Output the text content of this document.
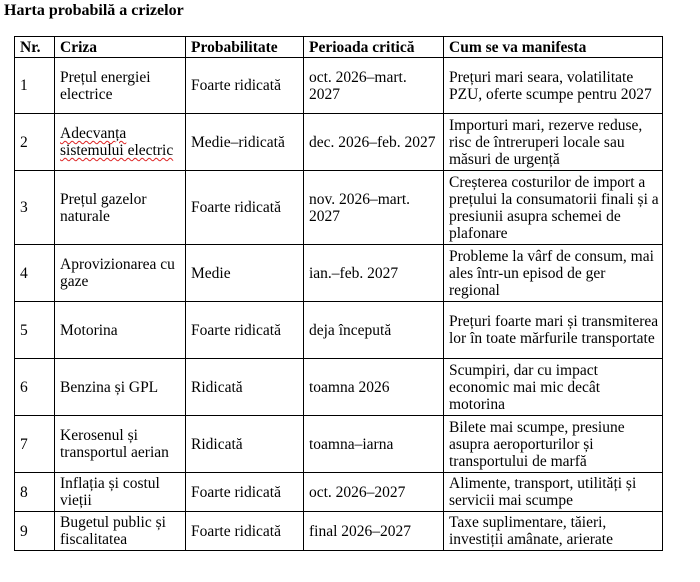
Harta probabilă a crizelor
Nr.	Criza	Probabilitate	Perioada critică	Cum se va manifesta
1	Prețul energiei electrice	Foarte ridicată	oct. 2026–mart. 2027	Prețuri mari seara, volatilitate PZU, oferte scumpe pentru 2027
2	Adecvanța sistemului electric	Medie–ridicată	dec. 2026–feb. 2027	Importuri mari, rezerve reduse, risc de întreruperi locale sau măsuri de urgență
3	Prețul gazelor naturale	Foarte ridicată	nov. 2026–mart. 2027	Creșterea costurilor de import a prețului la consumatorii finali și a presiunii asupra schemei de plafonare
4	Aprovizionarea cu gaze	Medie	ian.–feb. 2027	Probleme la vârf de consum, mai ales într-un episod de ger regional
5	Motorina	Foarte ridicată	deja începută	Prețuri foarte mari și transmiterea lor în toate mărfurile transportate
6	Benzina și GPL	Ridicată	toamna 2026	Scumpiri, dar cu impact economic mai mic decât motorina
7	Kerosenul și transportul aerian	Ridicată	toamna–iarna	Bilete mai scumpe, presiune asupra aeroporturilor și transportului de marfă
8	Inflația și costul vieții	Foarte ridicată	oct. 2026–2027	Alimente, transport, utilități și servicii mai scumpe
9	Bugetul public și fiscalitatea	Foarte ridicată	final 2026–2027	Taxe suplimentare, tăieri, investiții amânate, arierate
